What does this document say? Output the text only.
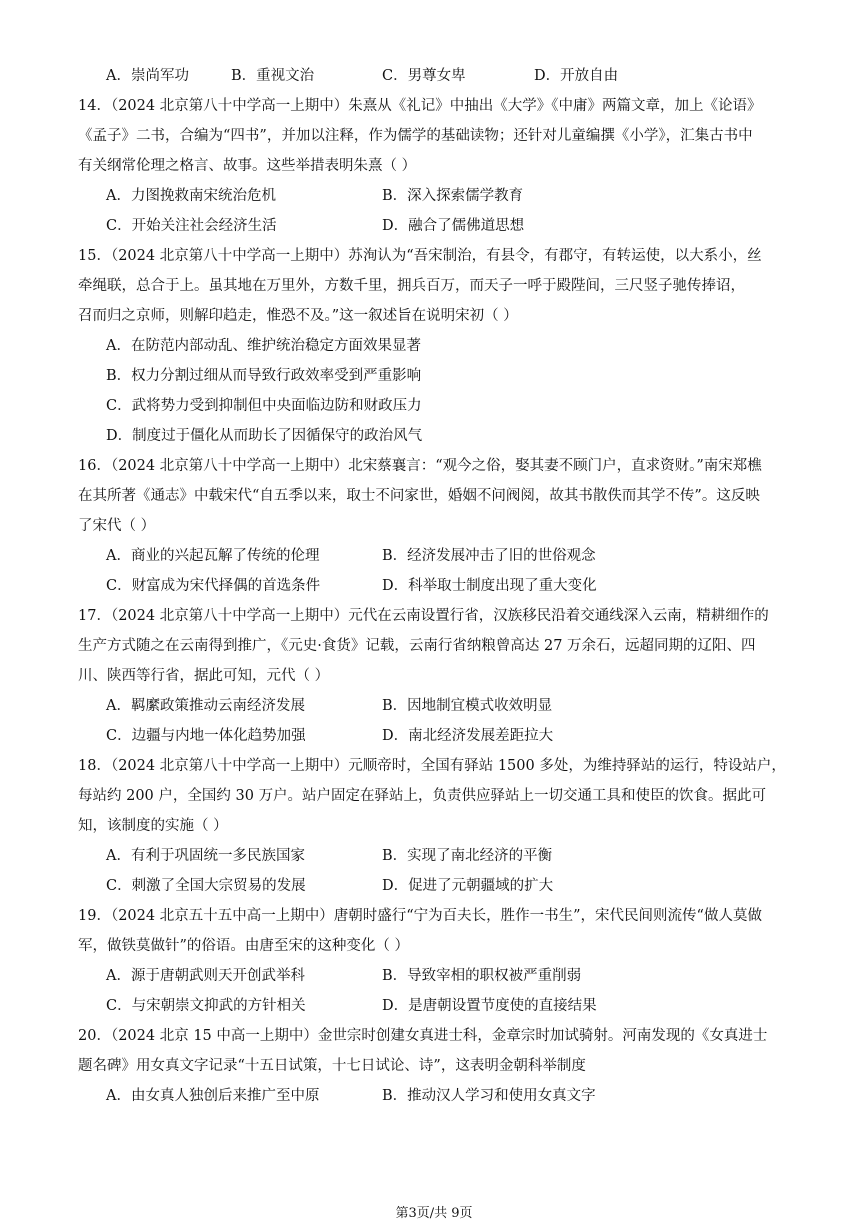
A．崇尚军功	B．重视文治	C．男尊女卑	D．开放自由
14．（2024 北京第八十中学高一上期中）朱熹从《礼记》中抽出《大学》《中庸》两篇文章，加上《论语》
《孟子》二书，合编为“四书”，并加以注释，作为儒学的基础读物；还针对儿童编撰《小学》，汇集古书中
有关纲常伦理之格言、故事。这些举措表明朱熹（ ）
A．力图挽救南宋统治危机	B．深入探索儒学教育
C．开始关注社会经济生活	D．融合了儒佛道思想
15．（2024 北京第八十中学高一上期中）苏洵认为“吾宋制治，有县令，有郡守，有转运使，以大系小，丝
牵绳联，总合于上。虽其地在万里外，方数千里，拥兵百万，而天子一呼于殿陛间，三尺竖子驰传捧诏，
召而归之京师，则解印趋走，惟恐不及。”这一叙述旨在说明宋初（ ）
A．在防范内部动乱、维护统治稳定方面效果显著
B．权力分割过细从而导致行政效率受到严重影响
C．武将势力受到抑制但中央面临边防和财政压力
D．制度过于僵化从而助长了因循保守的政治风气
16．（2024 北京第八十中学高一上期中）北宋蔡襄言：“观今之俗，娶其妻不顾门户，直求资财。”南宋郑樵
在其所著《通志》中载宋代“自五季以来，取士不问家世，婚姻不问阀阅，故其书散佚而其学不传”。这反映
了宋代（ ）
A．商业的兴起瓦解了传统的伦理	B．经济发展冲击了旧的世俗观念
C．财富成为宋代择偶的首选条件	D．科举取士制度出现了重大变化
17．（2024 北京第八十中学高一上期中）元代在云南设置行省，汉族移民沿着交通线深入云南，精耕细作的
生产方式随之在云南得到推广，《元史·食货》记载，云南行省纳粮曾高达 27 万余石，远超同期的辽阳、四
川、陕西等行省，据此可知，元代（ ）
A．羁縻政策推动云南经济发展	B．因地制宜模式收效明显
C．边疆与内地一体化趋势加强	D．南北经济发展差距拉大
18．（2024 北京第八十中学高一上期中）元顺帝时，全国有驿站 1500 多处，为维持驿站的运行，特设站户，
每站约 200 户，全国约 30 万户。站户固定在驿站上，负责供应驿站上一切交通工具和使臣的饮食。据此可
知，该制度的实施（ ）
A．有利于巩固统一多民族国家	B．实现了南北经济的平衡
C．刺激了全国大宗贸易的发展	D．促进了元朝疆域的扩大
19．（2024 北京五十五中高一上期中）唐朝时盛行“宁为百夫长，胜作一书生”，宋代民间则流传“做人莫做
军，做铁莫做针”的俗语。由唐至宋的这种变化（ ）
A．源于唐朝武则天开创武举科	B．导致宰相的职权被严重削弱
C．与宋朝崇文抑武的方针相关	D．是唐朝设置节度使的直接结果
20．（2024 北京 15 中高一上期中）金世宗时创建女真进士科，金章宗时加试骑射。河南发现的《女真进士
题名碑》用女真文字记录“十五日试策，十七日试论、诗”，这表明金朝科举制度
A．由女真人独创后来推广至中原	B．推动汉人学习和使用女真文字
第3页/共 9页
